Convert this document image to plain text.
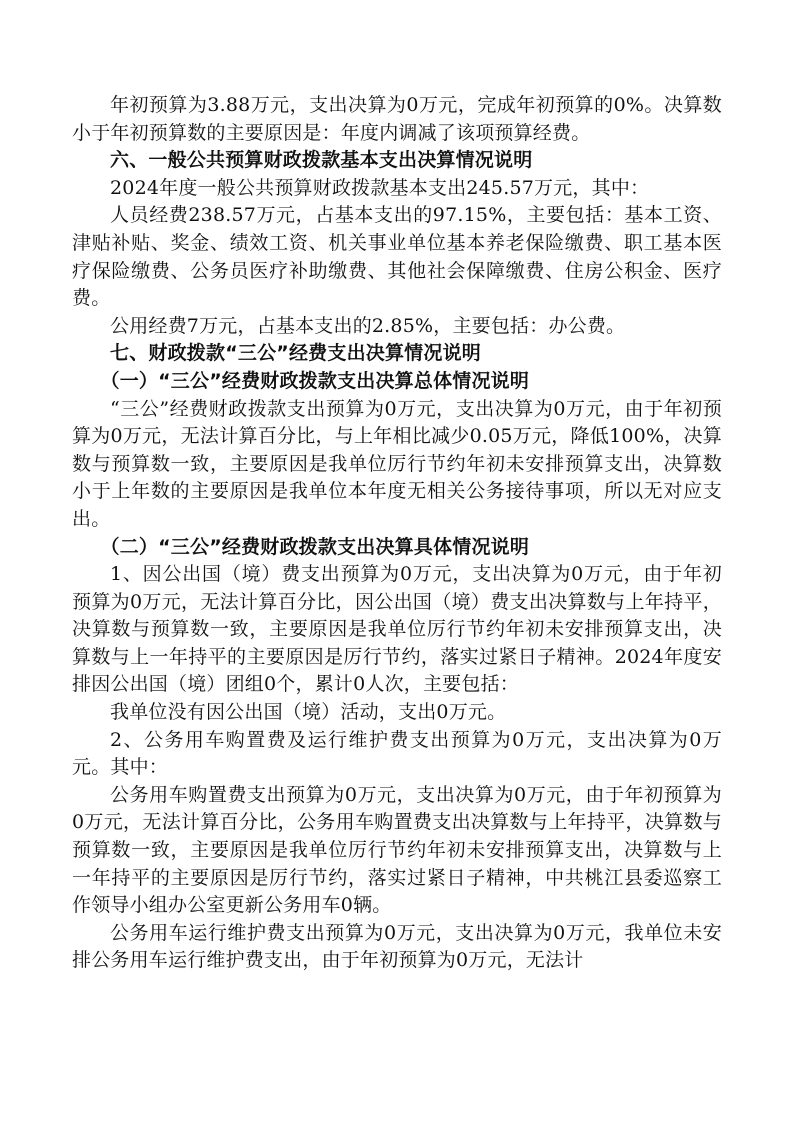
年初预算为3.88万元，支出决算为0万元，完成年初预算的0%。决算数小于年初预算数的主要原因是：年度内调减了该项预算经费。

六、一般公共预算财政拨款基本支出决算情况说明

2024年度一般公共预算财政拨款基本支出245.57万元，其中：

人员经费238.57万元，占基本支出的97.15%，主要包括：基本工资、津贴补贴、奖金、绩效工资、机关事业单位基本养老保险缴费、职工基本医疗保险缴费、公务员医疗补助缴费、其他社会保障缴费、住房公积金、医疗费。

公用经费7万元，占基本支出的2.85%，主要包括：办公费。

七、财政拨款“三公”经费支出决算情况说明

（一）“三公”经费财政拨款支出决算总体情况说明

“三公”经费财政拨款支出预算为0万元，支出决算为0万元，由于年初预算为0万元，无法计算百分比，与上年相比减少0.05万元，降低100%，决算数与预算数一致，主要原因是我单位厉行节约年初未安排预算支出，决算数小于上年数的主要原因是我单位本年度无相关公务接待事项，所以无对应支出。

（二）“三公”经费财政拨款支出决算具体情况说明

1、因公出国（境）费支出预算为0万元，支出决算为0万元，由于年初预算为0万元，无法计算百分比，因公出国（境）费支出决算数与上年持平，决算数与预算数一致，主要原因是我单位厉行节约年初未安排预算支出，决算数与上一年持平的主要原因是厉行节约，落实过紧日子精神。2024年度安排因公出国（境）团组0个，累计0人次，主要包括：

我单位没有因公出国（境）活动，支出0万元。

2、公务用车购置费及运行维护费支出预算为0万元，支出决算为0万元。其中：

公务用车购置费支出预算为0万元，支出决算为0万元，由于年初预算为0万元，无法计算百分比，公务用车购置费支出决算数与上年持平，决算数与预算数一致，主要原因是我单位厉行节约年初未安排预算支出，决算数与上一年持平的主要原因是厉行节约，落实过紧日子精神，中共桃江县委巡察工作领导小组办公室更新公务用车0辆。

公务用车运行维护费支出预算为0万元，支出决算为0万元，我单位未安排公务用车运行维护费支出，由于年初预算为0万元，无法计
